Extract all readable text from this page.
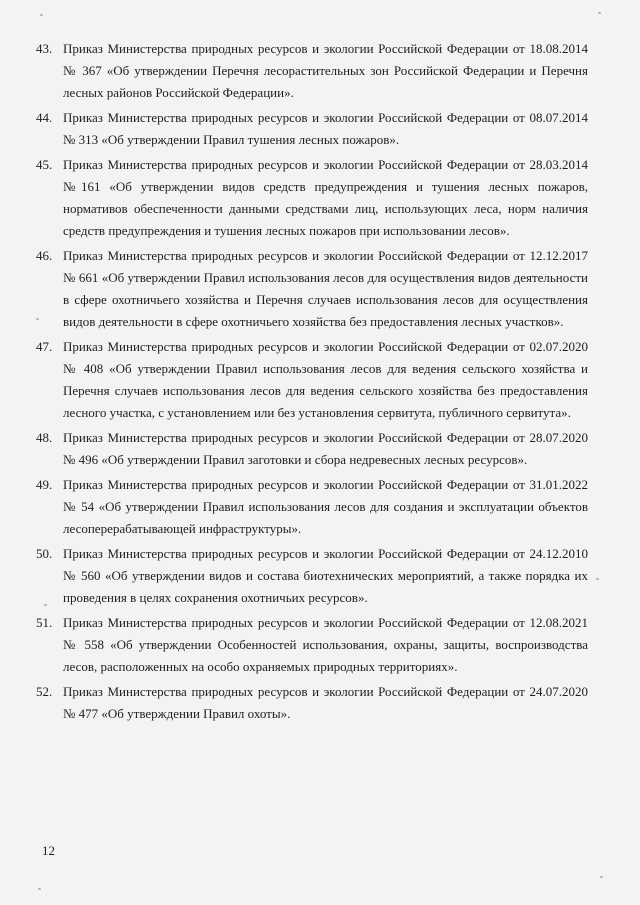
43. Приказ Министерства природных ресурсов и экологии Российской Федерации от 18.08.2014 № 367 «Об утверждении Перечня лесорастительных зон Российской Федерации и Перечня лесных районов Российской Федерации».
44. Приказ Министерства природных ресурсов и экологии Российской Федерации от 08.07.2014 № 313 «Об утверждении Правил тушения лесных пожаров».
45. Приказ Министерства природных ресурсов и экологии Российской Федерации от 28.03.2014 №161 «Об утверждении видов средств предупреждения и тушения лесных пожаров, нормативов обеспеченности данными средствами лиц, использующих леса, норм наличия средств предупреждения и тушения лесных пожаров при использовании лесов».
46. Приказ Министерства природных ресурсов и экологии Российской Федерации от 12.12.2017 № 661 «Об утверждении Правил использования лесов для осуществления видов деятельности в сфере охотничьего хозяйства и Перечня случаев использования лесов для осуществления видов деятельности в сфере охотничьего хозяйства без предоставления лесных участков».
47. Приказ Министерства природных ресурсов и экологии Российской Федерации от 02.07.2020 № 408 «Об утверждении Правил использования лесов для ведения сельского хозяйства и Перечня случаев использования лесов для ведения сельского хозяйства без предоставления лесного участка, с установлением или без установления сервитута, публичного сервитута».
48. Приказ Министерства природных ресурсов и экологии Российской Федерации от 28.07.2020 № 496 «Об утверждении Правил заготовки и сбора недревесных лесных ресурсов».
49. Приказ Министерства природных ресурсов и экологии Российской Федерации от 31.01.2022 № 54 «Об утверждении Правил использования лесов для создания и эксплуатации объектов лесоперерабатывающей инфраструктуры».
50. Приказ Министерства природных ресурсов и экологии Российской Федерации от 24.12.2010 № 560 «Об утверждении видов и состава биотехнических мероприятий, а также порядка их проведения в целях сохранения охотничьих ресурсов».
51. Приказ Министерства природных ресурсов и экологии Российской Федерации от 12.08.2021 № 558 «Об утверждении Особенностей использования, охраны, защиты, воспроизводства лесов, расположенных на особо охраняемых природных территориях».
52. Приказ Министерства природных ресурсов и экологии Российской Федерации от 24.07.2020 № 477 «Об утверждении Правил охоты».
12
